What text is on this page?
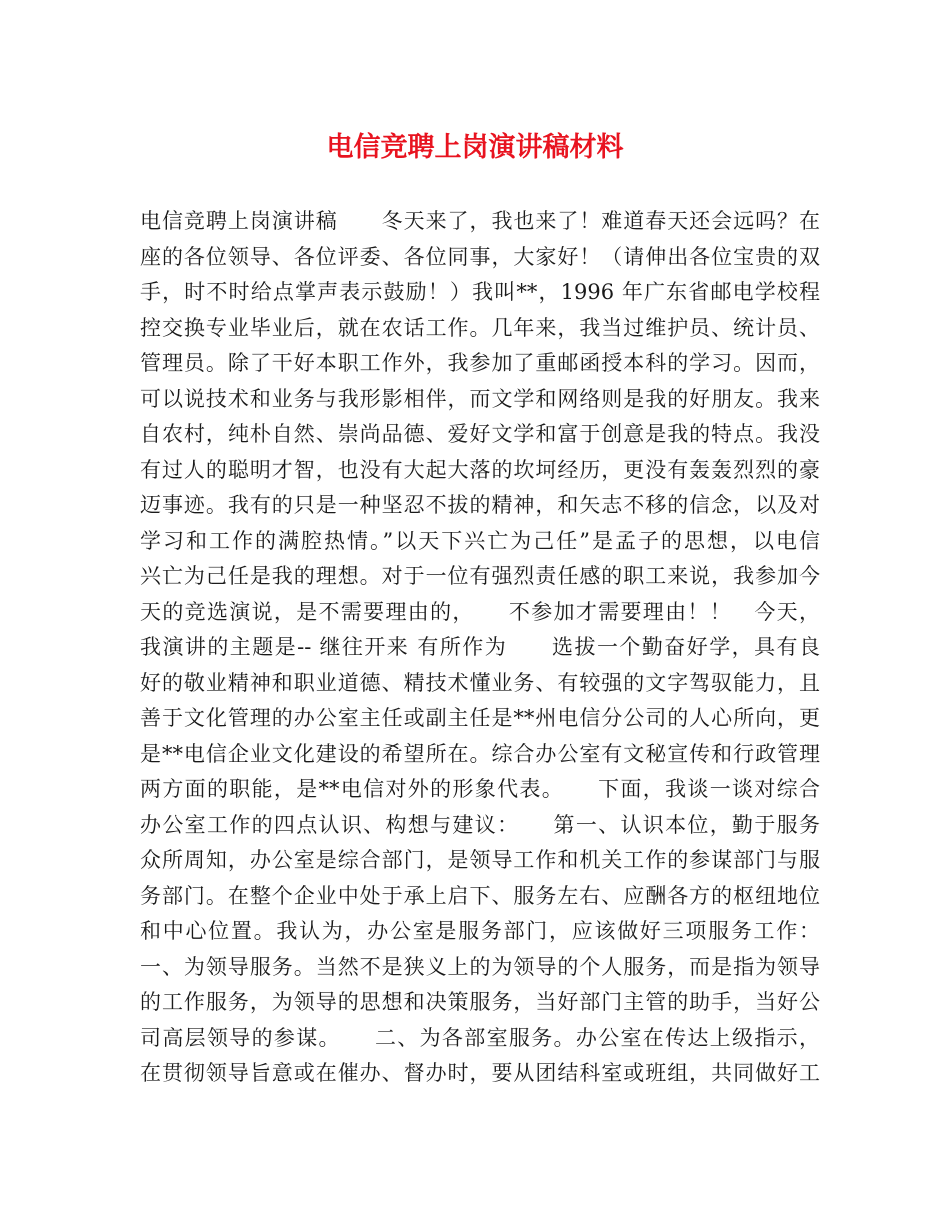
电信竞聘上岗演讲稿材料
电信竞聘上岗演讲稿　　冬天来了，我也来了！难道春天还会远吗？在
座的各位领导、各位评委、各位同事，大家好！（请伸出各位宝贵的双
手，时不时给点掌声表示鼓励！）我叫**，1996 年广东省邮电学校程
控交换专业毕业后，就在农话工作。几年来，我当过维护员、统计员、
管理员。除了干好本职工作外，我参加了重邮函授本科的学习。因而，
可以说技术和业务与我形影相伴，而文学和网络则是我的好朋友。我来
自农村，纯朴自然、崇尚品德、爱好文学和富于创意是我的特点。我没
有过人的聪明才智，也没有大起大落的坎坷经历，更没有轰轰烈烈的豪
迈事迹。我有的只是一种坚忍不拔的精神，和矢志不移的信念，以及对
学习和工作的满腔热情。”以天下兴亡为己任”是孟子的思想，以电信
兴亡为己任是我的理想。对于一位有强烈责任感的职工来说，我参加今
天的竞选演说，是不需要理由的，　　不参加才需要理由！！　今天，
我演讲的主题是-- 继往开来 有所作为　　选拔一个勤奋好学，具有良
好的敬业精神和职业道德、精技术懂业务、有较强的文字驾驭能力，且
善于文化管理的办公室主任或副主任是**州电信分公司的人心所向，更
是**电信企业文化建设的希望所在。综合办公室有文秘宣传和行政管理
两方面的职能，是**电信对外的形象代表。　　下面，我谈一谈对综合
办公室工作的四点认识、构想与建议：　　第一、认识本位，勤于服务
众所周知，办公室是综合部门，是领导工作和机关工作的参谋部门与服
务部门。在整个企业中处于承上启下、服务左右、应酬各方的枢纽地位
和中心位置。我认为，办公室是服务部门，应该做好三项服务工作：
一、为领导服务。当然不是狭义上的为领导的个人服务，而是指为领导
的工作服务，为领导的思想和决策服务，当好部门主管的助手，当好公
司高层领导的参谋。　　二、为各部室服务。办公室在传达上级指示，
在贯彻领导旨意或在催办、督办时，要从团结科室或班组，共同做好工
